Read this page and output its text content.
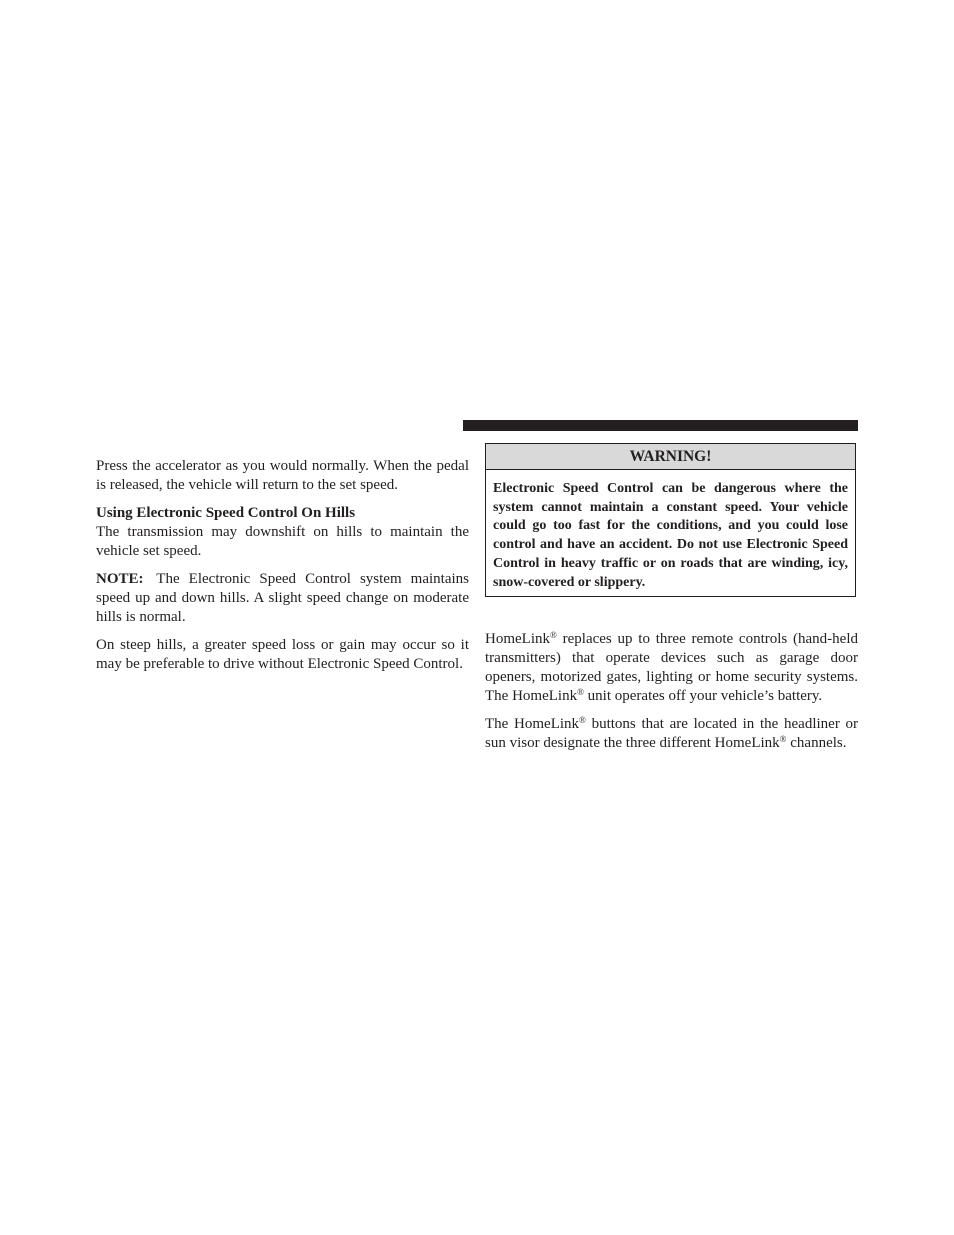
Press the accelerator as you would normally. When the pedal is released, the vehicle will return to the set speed.

Using Electronic Speed Control On Hills

The transmission may downshift on hills to maintain the vehicle set speed.

NOTE: The Electronic Speed Control system maintains speed up and down hills. A slight speed change on moderate hills is normal.

On steep hills, a greater speed loss or gain may occur so it may be preferable to drive without Electronic Speed Control.

WARNING!
Electronic Speed Control can be dangerous where the system cannot maintain a constant speed. Your vehicle could go too fast for the conditions, and you could lose control and have an accident. Do not use Electronic Speed Control in heavy traffic or on roads that are winding, icy, snow-covered or slippery.

HomeLink® replaces up to three remote controls (hand-held transmitters) that operate devices such as garage door openers, motorized gates, lighting or home security systems. The HomeLink® unit operates off your vehicle’s battery.

The HomeLink® buttons that are located in the headliner or sun visor designate the three different HomeLink® channels.
